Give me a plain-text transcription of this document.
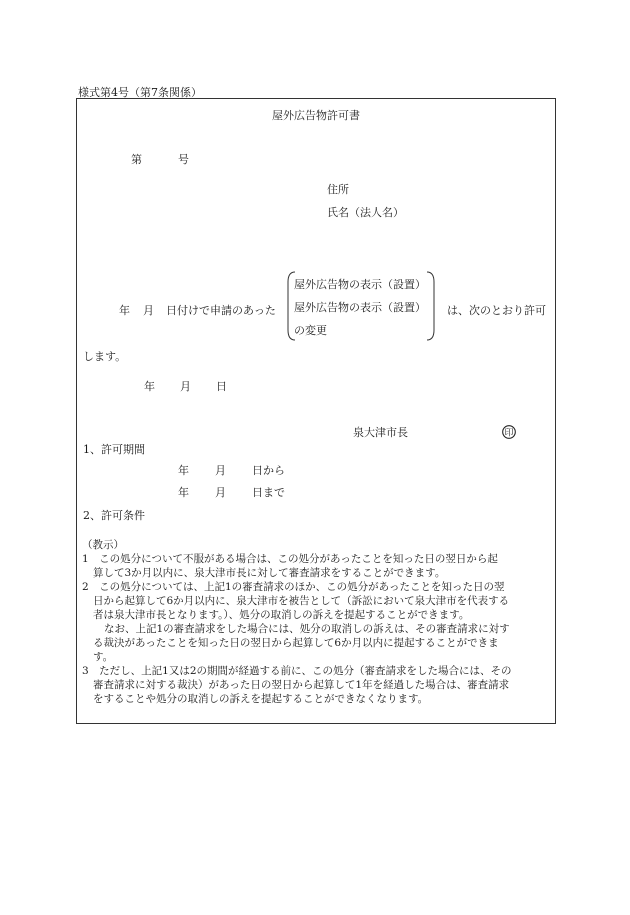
様式第4号（第7条関係）
屋外広告物許可書
第	号
住所
氏名（法人名）
年 月 日付けで申請のあった
屋外広告物の表示（設置）
屋外広告物の表示（設置）
の変更
は、次のとおり許可
します。
年 月 日
泉大津市長	印
1、許可期間
年 月 日から
年 月 日まで
2、許可条件
（教示）
1　この処分について不服がある場合は、この処分があったことを知った日の翌日から起
算して3か月以内に、泉大津市長に対して審査請求をすることができます。
2　この処分については、上記1の審査請求のほか、この処分があったことを知った日の翌
日から起算して6か月以内に、泉大津市を被告として（訴訟において泉大津市を代表する
者は泉大津市長となります。）、処分の取消しの訴えを提起することができます。
なお、上記1の審査請求をした場合には、処分の取消しの訴えは、その審査請求に対す
る裁決があったことを知った日の翌日から起算して6か月以内に提起することができま
す。
3　ただし、上記1又は2の期間が経過する前に、この処分（審査請求をした場合には、その
審査請求に対する裁決）があった日の翌日から起算して1年を経過した場合は、審査請求
をすることや処分の取消しの訴えを提起することができなくなります。
